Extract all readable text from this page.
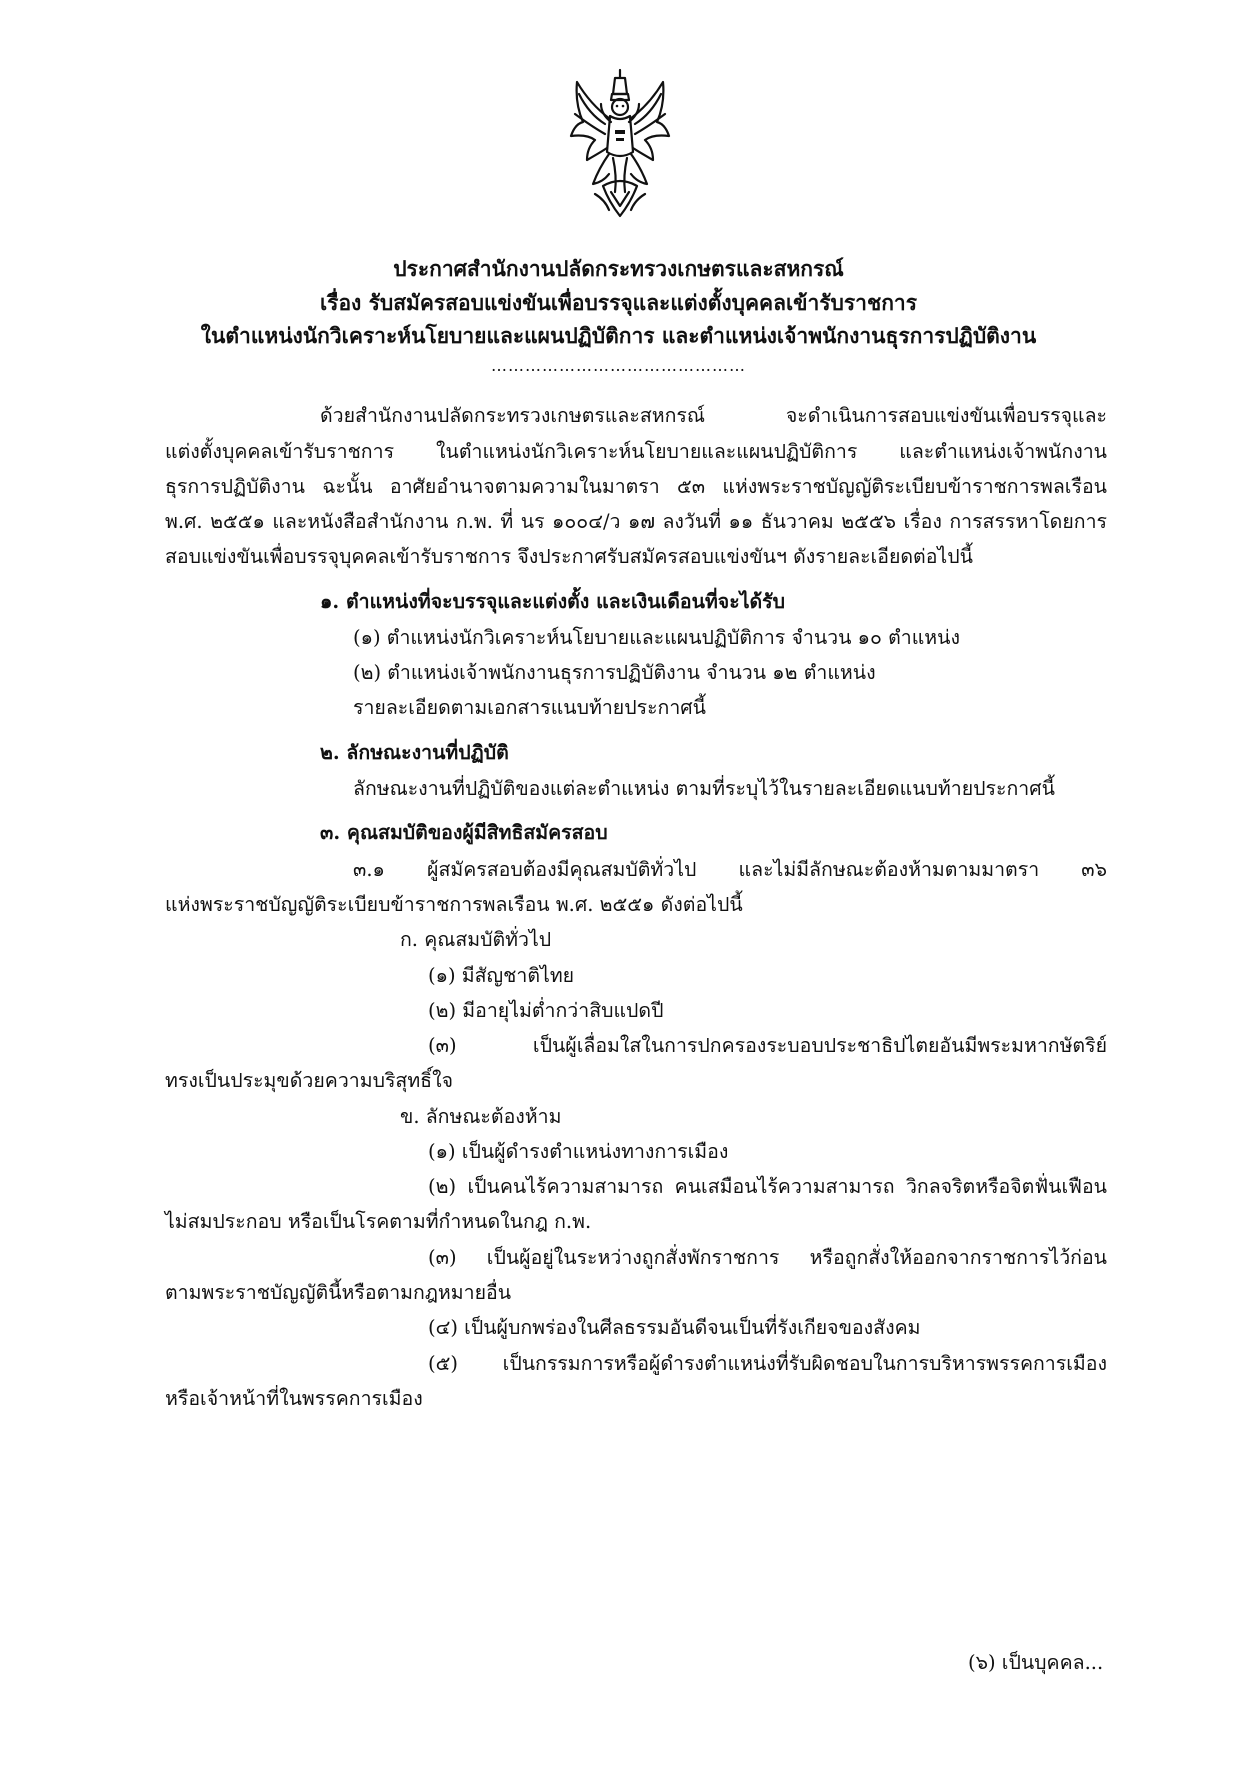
ประกาศสำนักงานปลัดกระทรวงเกษตรและสหกรณ์
เรื่อง รับสมัครสอบแข่งขันเพื่อบรรจุและแต่งตั้งบุคคลเข้ารับราชการ
ในตำแหน่งนักวิเคราะห์นโยบายและแผนปฏิบัติการ และตำแหน่งเจ้าพนักงานธุรการปฏิบัติงาน
………………………………………
ด้วยสำนักงานปลัดกระทรวงเกษตรและสหกรณ์ จะดำเนินการสอบแข่งขันเพื่อบรรจุและ
แต่งตั้งบุคคลเข้ารับราชการ ในตำแหน่งนักวิเคราะห์นโยบายและแผนปฏิบัติการ และตำแหน่งเจ้าพนักงาน
ธุรการปฏิบัติงาน ฉะนั้น อาศัยอำนาจตามความในมาตรา ๕๓ แห่งพระราชบัญญัติระเบียบข้าราชการพลเรือน
พ.ศ. ๒๕๕๑ และหนังสือสำนักงาน ก.พ. ที่ นร ๑๐๐๔/ว ๑๗ ลงวันที่ ๑๑ ธันวาคม ๒๕๕๖ เรื่อง การสรรหาโดยการ
สอบแข่งขันเพื่อบรรจุบุคคลเข้ารับราชการ จึงประกาศรับสมัครสอบแข่งขันฯ ดังรายละเอียดต่อไปนี้
๑. ตำแหน่งที่จะบรรจุและแต่งตั้ง และเงินเดือนที่จะได้รับ
(๑) ตำแหน่งนักวิเคราะห์นโยบายและแผนปฏิบัติการ จำนวน ๑๐ ตำแหน่ง
(๒) ตำแหน่งเจ้าพนักงานธุรการปฏิบัติงาน จำนวน ๑๒ ตำแหน่ง
รายละเอียดตามเอกสารแนบท้ายประกาศนี้
๒. ลักษณะงานที่ปฏิบัติ
ลักษณะงานที่ปฏิบัติของแต่ละตำแหน่ง ตามที่ระบุไว้ในรายละเอียดแนบท้ายประกาศนี้
๓. คุณสมบัติของผู้มีสิทธิสมัครสอบ
๓.๑ ผู้สมัครสอบต้องมีคุณสมบัติทั่วไป และไม่มีลักษณะต้องห้ามตามมาตรา ๓๖
แห่งพระราชบัญญัติระเบียบข้าราชการพลเรือน พ.ศ. ๒๕๕๑ ดังต่อไปนี้
ก. คุณสมบัติทั่วไป
(๑) มีสัญชาติไทย
(๒) มีอายุไม่ต่ำกว่าสิบแปดปี
(๓) เป็นผู้เลื่อมใสในการปกครองระบอบประชาธิปไตยอันมีพระมหากษัตริย์
ทรงเป็นประมุขด้วยความบริสุทธิ์ใจ
ข. ลักษณะต้องห้าม
(๑) เป็นผู้ดำรงตำแหน่งทางการเมือง
(๒) เป็นคนไร้ความสามารถ คนเสมือนไร้ความสามารถ วิกลจริตหรือจิตฟั่นเฟือน
ไม่สมประกอบ หรือเป็นโรคตามที่กำหนดในกฎ ก.พ.
(๓) เป็นผู้อยู่ในระหว่างถูกสั่งพักราชการ หรือถูกสั่งให้ออกจากราชการไว้ก่อน
ตามพระราชบัญญัตินี้หรือตามกฎหมายอื่น
(๔) เป็นผู้บกพร่องในศีลธรรมอันดีจนเป็นที่รังเกียจของสังคม
(๕) เป็นกรรมการหรือผู้ดำรงตำแหน่งที่รับผิดชอบในการบริหารพรรคการเมือง
หรือเจ้าหน้าที่ในพรรคการเมือง
(๖) เป็นบุคคล...
